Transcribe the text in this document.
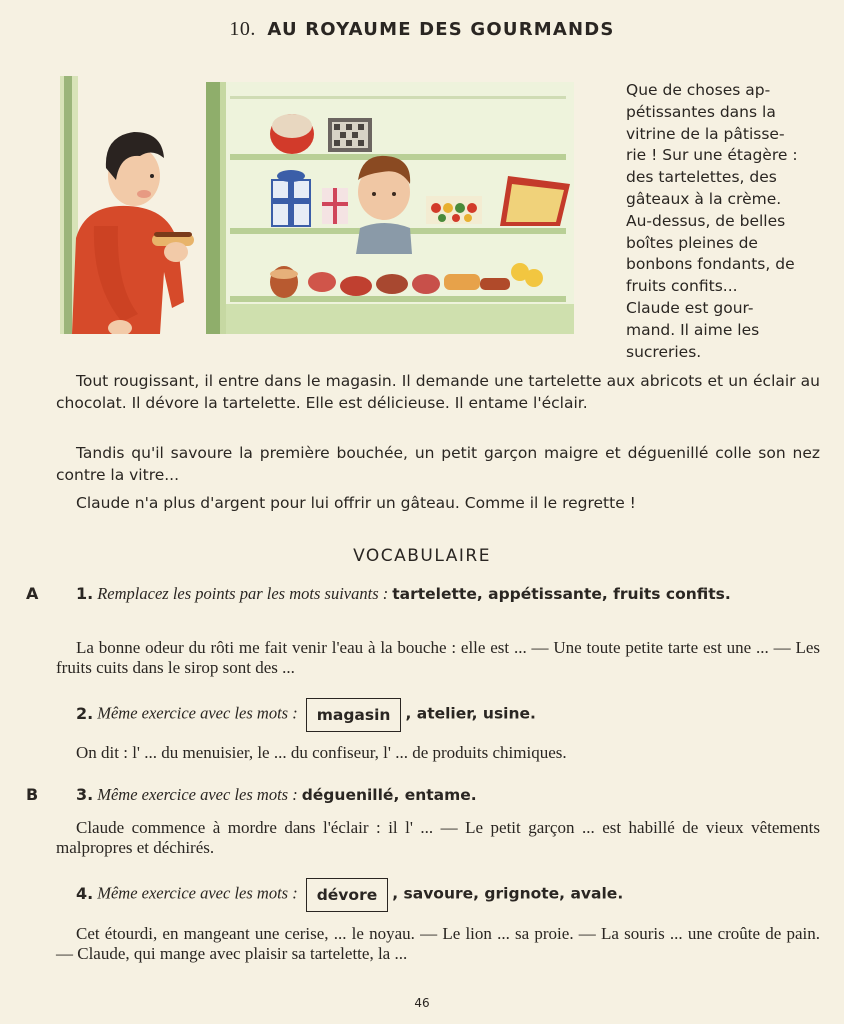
10. AU ROYAUME DES GOURMANDS
Que de choses ap-
pétissantes dans la
vitrine de la pâtisse-
rie ! Sur une étagère :
des tartelettes, des
gâteaux à la crème.
Au-dessus, de belles
boîtes pleines de
bonbons fondants, de
fruits confits...
Claude est gour-
mand. Il aime les
sucreries.
Tout rougissant, il entre dans le magasin. Il demande une tartelette aux abricots et un éclair au chocolat. Il dévore la tartelette. Elle est délicieuse. Il entame l'éclair.
Tandis qu'il savoure la première bouchée, un petit garçon maigre et déguenillé colle son nez contre la vitre...
Claude n'a plus d'argent pour lui offrir un gâteau. Comme il le regrette !
VOCABULAIRE
A	1. Remplacez les points par les mots suivants : tartelette, appétissante, fruits confits.
La bonne odeur du rôti me fait venir l'eau à la bouche : elle est ... — Une toute petite tarte est une ... — Les fruits cuits dans le sirop sont des ...
2. Même exercice avec les mots : magasin , atelier, usine.
On dit : l' ... du menuisier, le ... du confiseur, l' ... de produits chimiques.
B	3. Même exercice avec les mots : déguenillé, entame.
Claude commence à mordre dans l'éclair : il l' ... — Le petit garçon ... est habillé de vieux vêtements malpropres et déchirés.
4. Même exercice avec les mots : dévore , savoure, grignote, avale.
Cet étourdi, en mangeant une cerise, ... le noyau. — Le lion ... sa proie. — La souris ... une croûte de pain. — Claude, qui mange avec plaisir sa tartelette, la ...
46
